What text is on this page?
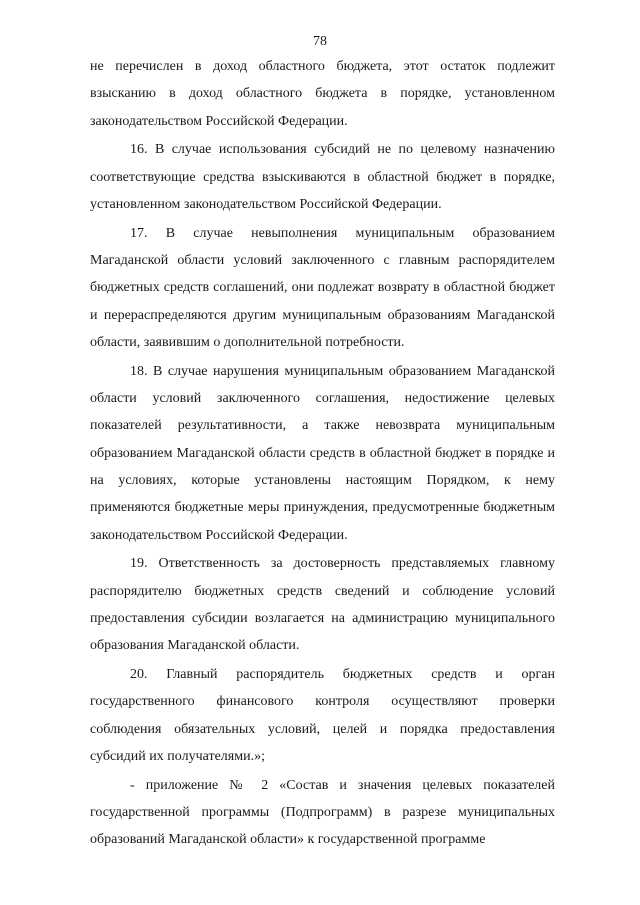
78

не перечислен в доход областного бюджета, этот остаток подлежит взысканию в доход областного бюджета в порядке, установленном законодательством Российской Федерации.

16. В случае использования субсидий не по целевому назначению соответствующие средства взыскиваются в областной бюджет в порядке, установленном законодательством Российской Федерации.

17. В случае невыполнения муниципальным образованием Магаданской области условий заключенного с главным распорядителем бюджетных средств соглашений, они подлежат возврату в областной бюджет и перераспределяются другим муниципальным образованиям Магаданской области, заявившим о дополнительной потребности.

18. В случае нарушения муниципальным образованием Магаданской области условий заключенного соглашения, недостижение целевых показателей результативности, а также невозврата муниципальным образованием Магаданской области средств в областной бюджет в порядке и на условиях, которые установлены настоящим Порядком, к нему применяются бюджетные меры принуждения, предусмотренные бюджетным законодательством Российской Федерации.

19. Ответственность за достоверность представляемых главному распорядителю бюджетных средств сведений и соблюдение условий предоставления субсидии возлагается на администрацию муниципального образования Магаданской области.

20. Главный распорядитель бюджетных средств и орган государственного финансового контроля осуществляют проверки соблюдения обязательных условий, целей и порядка предоставления субсидий их получателями.»;

- приложение № 2 «Состав и значения целевых показателей государственной программы (Подпрограмм) в разрезе муниципальных образований Магаданской области» к государственной программе
